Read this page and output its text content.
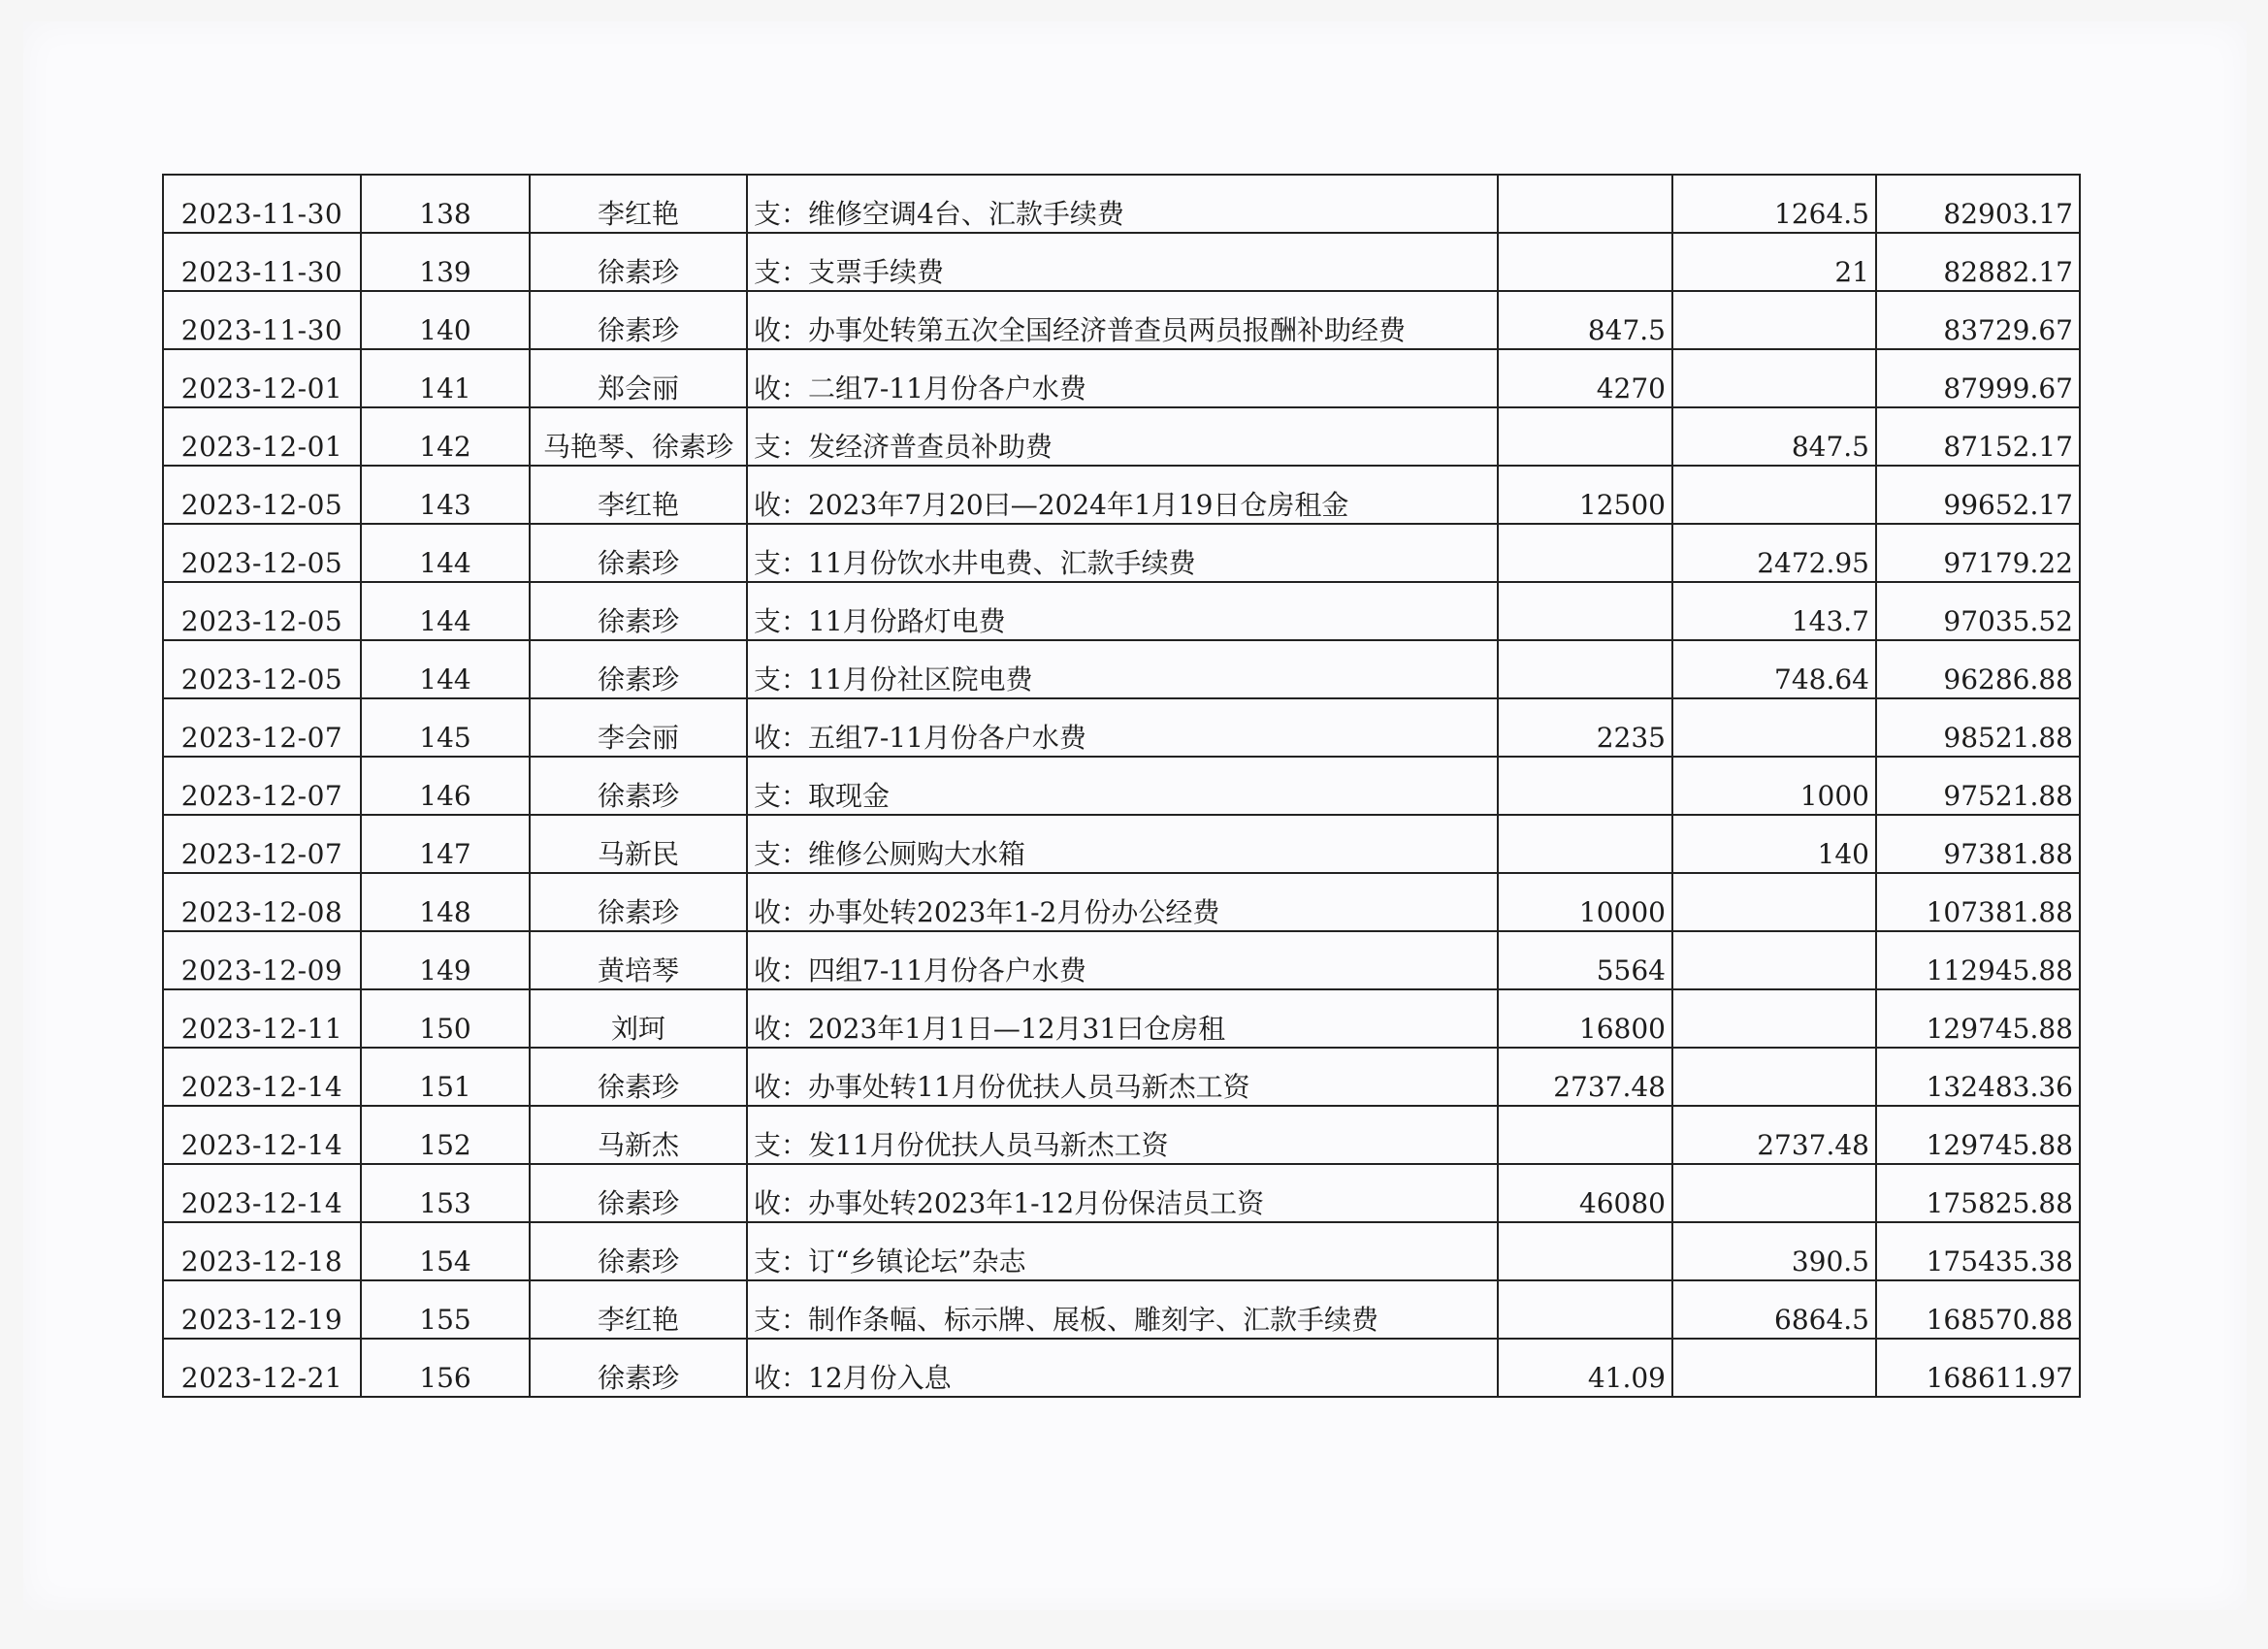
2023-11-30	138	李红艳	支：维修空调4台、汇款手续费		1264.5	82903.17
2023-11-30	139	徐素珍	支：支票手续费		21	82882.17
2023-11-30	140	徐素珍	收：办事处转第五次全国经济普查员两员报酬补助经费	847.5		83729.67
2023-12-01	141	郑会丽	收：二组7-11月份各户水费	4270		87999.67
2023-12-01	142	马艳琴、徐素珍	支：发经济普查员补助费		847.5	87152.17
2023-12-05	143	李红艳	收：2023年7月20曰—2024年1月19日仓房租金	12500		99652.17
2023-12-05	144	徐素珍	支：11月份饮水井电费、汇款手续费		2472.95	97179.22
2023-12-05	144	徐素珍	支：11月份路灯电费		143.7	97035.52
2023-12-05	144	徐素珍	支：11月份社区院电费		748.64	96286.88
2023-12-07	145	李会丽	收：五组7-11月份各户水费	2235		98521.88
2023-12-07	146	徐素珍	支：取现金		1000	97521.88
2023-12-07	147	马新民	支：维修公厕购大水箱		140	97381.88
2023-12-08	148	徐素珍	收：办事处转2023年1-2月份办公经费	10000		107381.88
2023-12-09	149	黄培琴	收：四组7-11月份各户水费	5564		112945.88
2023-12-11	150	刘珂	收：2023年1月1日—12月31曰仓房租	16800		129745.88
2023-12-14	151	徐素珍	收：办事处转11月份优扶人员马新杰工资	2737.48		132483.36
2023-12-14	152	马新杰	支：发11月份优扶人员马新杰工资		2737.48	129745.88
2023-12-14	153	徐素珍	收：办事处转2023年1-12月份保洁员工资	46080		175825.88
2023-12-18	154	徐素珍	支：订“乡镇论坛”杂志		390.5	175435.38
2023-12-19	155	李红艳	支：制作条幅、标示牌、展板、雕刻字、汇款手续费		6864.5	168570.88
2023-12-21	156	徐素珍	收：12月份入息	41.09		168611.97
